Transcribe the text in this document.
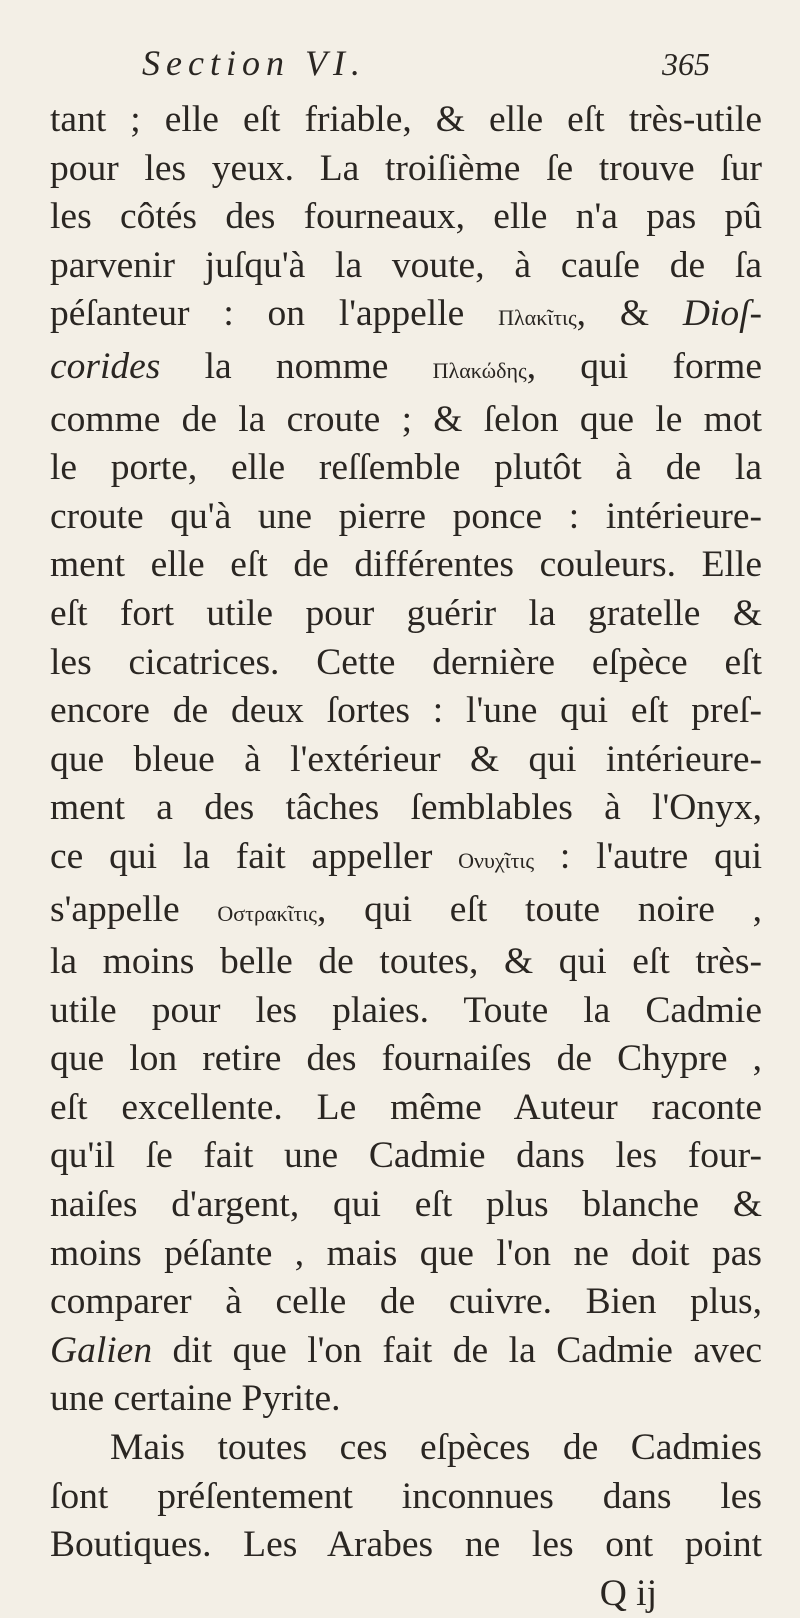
Section VI.	365
tant ; elle eſt friable, & elle eſt très-utile
pour les yeux. La troiſième ſe trouve ſur
les côtés des fourneaux, elle n'a pas pû
parvenir juſqu'à la voute, à cauſe de ſa
péſanteur : on l'appelle Πλακῖτις, & Dioſ-
corides la nomme Πλακώδης, qui forme
comme de la croute ; & ſelon que le mot
le porte, elle reſſemble plutôt à de la
croute qu'à une pierre ponce : intérieure-
ment elle eſt de différentes couleurs. Elle
eſt fort utile pour guérir la gratelle &
les cicatrices. Cette dernière eſpèce eſt
encore de deux ſortes : l'une qui eſt preſ-
que bleue à l'extérieur & qui intérieure-
ment a des tâches ſemblables à l'Onyx,
ce qui la fait appeller Ονυχῖτις : l'autre qui
s'appelle Οστρακῖτις, qui eſt toute noire ,
la moins belle de toutes, & qui eſt très-
utile pour les plaies. Toute la Cadmie
que lon retire des fournaiſes de Chypre ,
eſt excellente. Le même Auteur raconte
qu'il ſe fait une Cadmie dans les four-
naiſes d'argent, qui eſt plus blanche &
moins péſante , mais que l'on ne doit pas
comparer à celle de cuivre. Bien plus,
Galien dit que l'on fait de la Cadmie avec
une certaine Pyrite.
Mais toutes ces eſpèces de Cadmies
ſont préſentement inconnues dans les
Boutiques. Les Arabes ne les ont point
Q ij
